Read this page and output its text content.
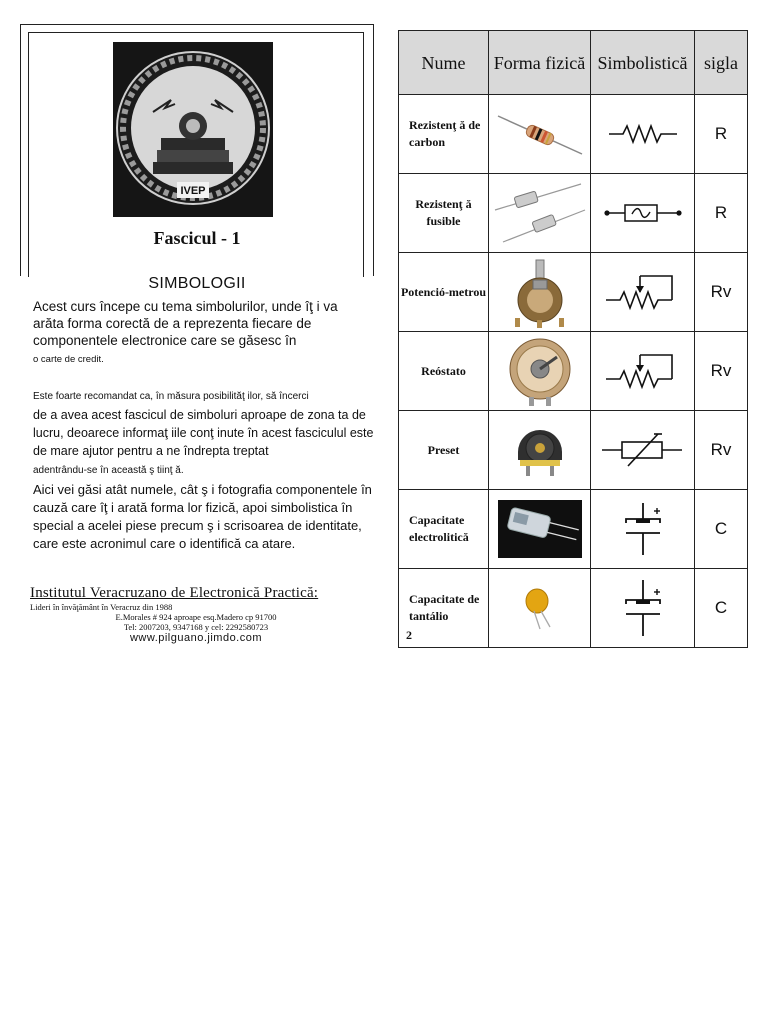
IVEP
Fascicul - 1
SIMBOLOGII

Acest curs începe cu tema simbolurilor, unde îţ i va arăta forma corectă de a reprezenta fiecare de componentele electronice care se găsesc în
o carte de credit.

Este foarte recomandat ca, în măsura posibilităţ ilor, să încerci
de a avea acest fascicul de simboluri aproape de zona ta de lucru, deoarece informaţ iile conţ inute în acest fasciculul este de mare ajutor pentru a ne îndrepta treptat
adentrându-se în această ş tiinţ ă.

Aici vei găsi atât numele, cât ş i fotografia componentele în cauză care îţ i arată forma lor fizică, apoi simbolistica în special a acelei piese precum ş i scrisoarea de identitate, care este acronimul care o identifică ca atare.

Institutul Veracruzano de Electronică Practică:
Lideri în învăţământ în Veracruz din 1988
E.Morales # 924 aproape esq.Madero cp 91700
Tel: 2007203, 9347168 y cel: 2292580723
www.pilguano.jimdo.com
Nume	Forma fizică	Simbolistică	sigla
Rezistenţ ă de carbon			R
Rezistenţ ă fusible			R
Potenció-metrou			Rv
Reóstato			Rv
Preset			Rv
Capacitate electrolitică			C
Capacitate de tantálio			C
2
